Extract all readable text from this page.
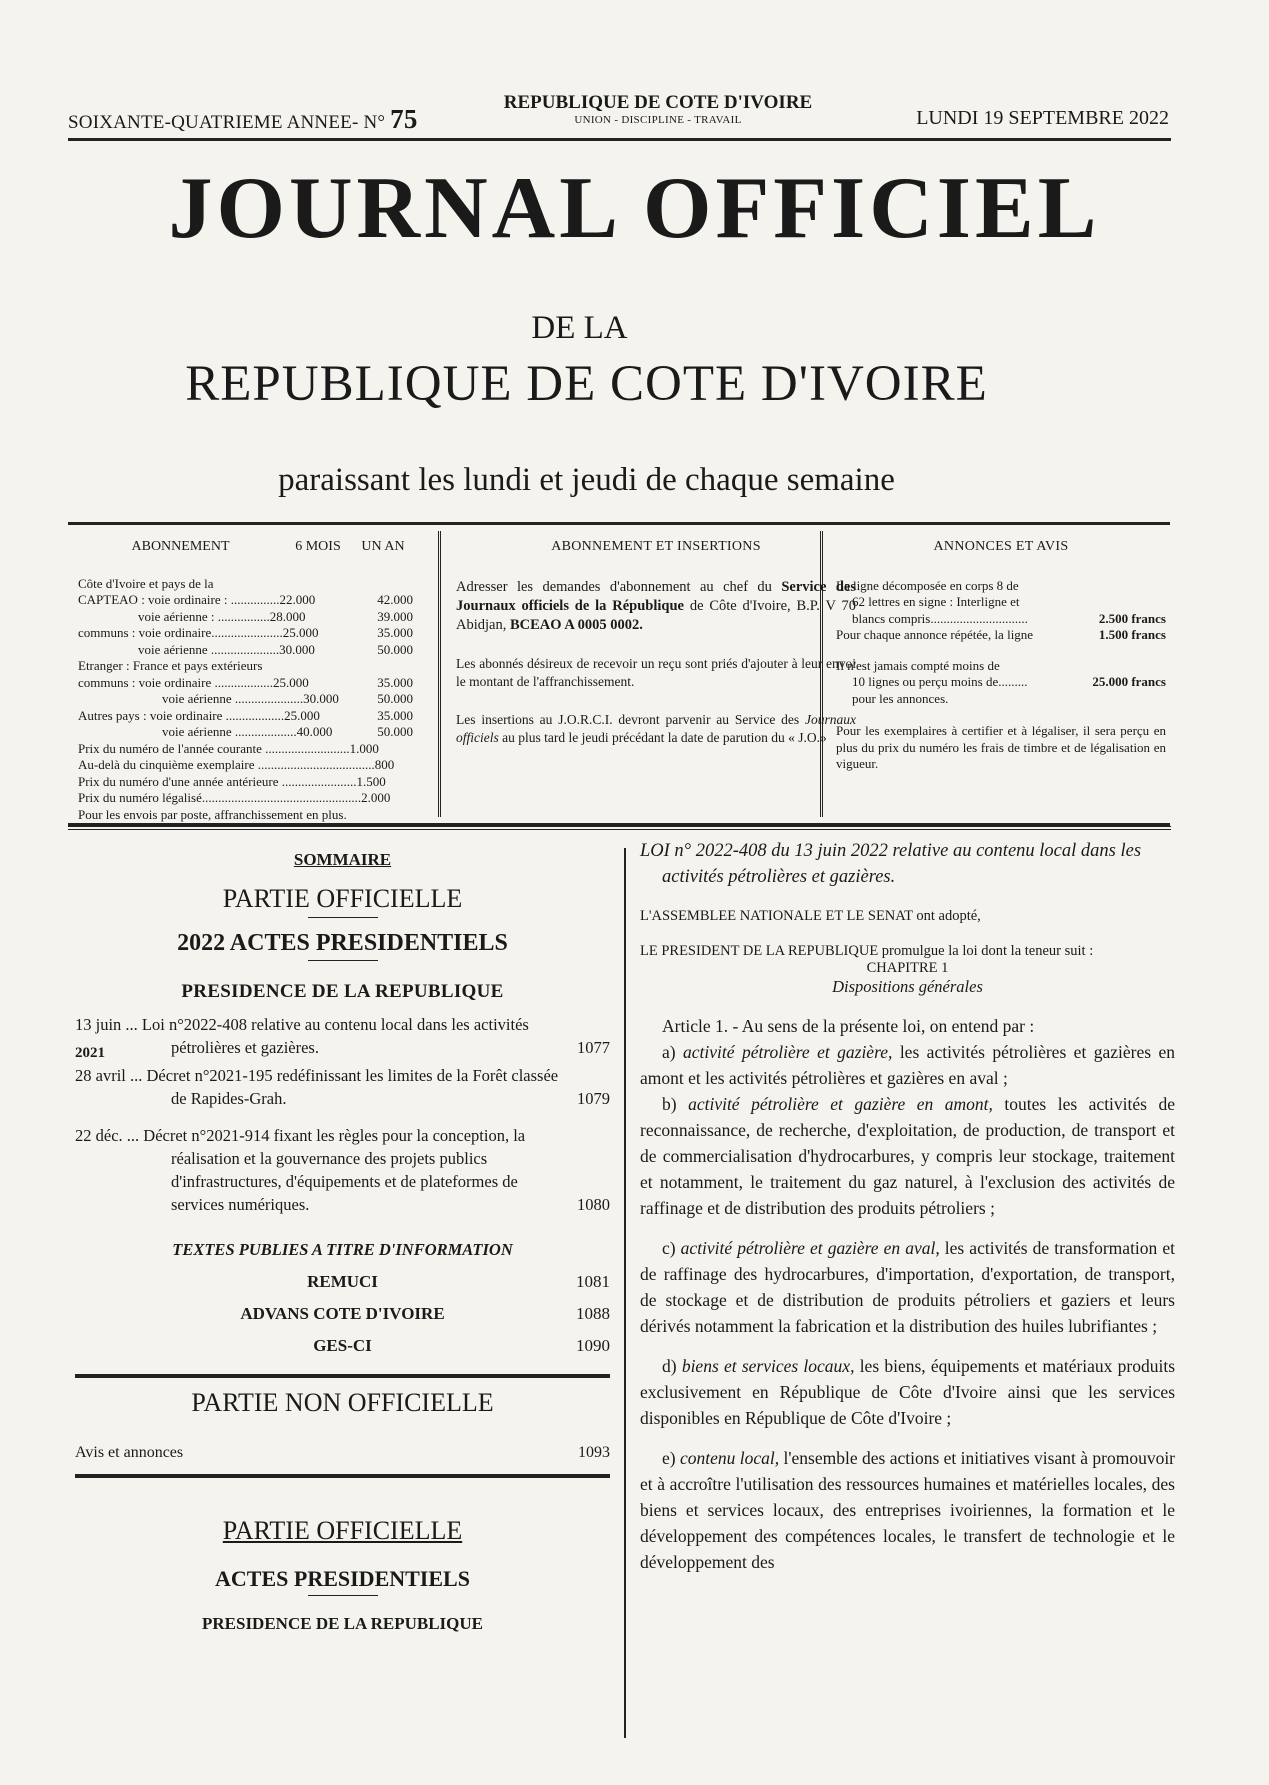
SOIXANTE-QUATRIEME ANNEE- N° 75
REPUBLIQUE DE COTE D'IVOIRE
UNION - DISCIPLINE - TRAVAIL	LUNDI 19 SEPTEMBRE 2022
JOURNAL OFFICIEL
DE LA
REPUBLIQUE DE COTE D'IVOIRE
paraissant les lundi et jeudi de chaque semaine
ABONNEMENT	6 MOIS	UN AN
Côte d'Ivoire et pays de la
CAPTEAO : voie ordinaire : ...............22.000	42.000
voie aérienne : ................28.000	39.000
communs : voie ordinaire......................25.000	35.000
voie aérienne .....................30.000	50.000
Etranger : France et pays extérieurs
communs : voie ordinaire ..................25.000	35.000
voie aérienne .....................30.000	50.000
Autres pays : voie ordinaire ..................25.000	35.000
voie aérienne ...................40.000	50.000
Prix du numéro de l'année courante ..........................1.000
Au-delà du cinquième exemplaire ....................................800
Prix du numéro d'une année antérieure .......................1.500
Prix du numéro légalisé.................................................2.000
Pour les envois par poste, affranchissement en plus.
ABONNEMENT ET INSERTIONS

Adresser les demandes d'abonnement au chef du Service des Journaux officiels de la République de Côte d'Ivoire, B.P. V 70 Abidjan, BCEAO A 0005 0002.

Les abonnés désireux de recevoir un reçu sont priés d'ajouter à leur envoi le montant de l'affranchissement.

Les insertions au J.O.R.C.I. devront parvenir au Service des Journaux officiels au plus tard le jeudi précédant la date de parution du « J.O.»

ANNONCES ET AVIS
La ligne décomposée en corps 8 de
62 lettres en signe : Interligne et
blancs compris..............................	2.500 francs
Pour chaque annonce répétée, la ligne	1.500 francs
Il n'est jamais compté moins de
10 lignes ou perçu moins de.........	25.000 francs
pour les annonces.

Pour les exemplaires à certifier et à légaliser, il sera perçu en plus du prix du numéro les frais de timbre et de légalisation en vigueur.

SOMMAIRE
PARTIE OFFICIELLE
2022 ACTES PRESIDENTIELS
PRESIDENCE DE LA REPUBLIQUE
13 juin ... Loi n°2022-408 relative au contenu local dans les activités pétrolières et gazières.	1077
2021
28 avril ... Décret n°2021-195 redéfinissant les limites de la Forêt classée de Rapides-Grah.	1079
22 déc. ... Décret n°2021-914 fixant les règles pour la conception, la réalisation et la gouvernance des projets publics d'infrastructures, d'équipements et de plateformes de services numériques.	1080
TEXTES PUBLIES A TITRE D'INFORMATION
REMUCI	1081
ADVANS COTE D'IVOIRE	1088
GES-CI	1090
PARTIE NON OFFICIELLE
Avis et annonces	1093
PARTIE OFFICIELLE
ACTES PRESIDENTIELS
PRESIDENCE DE LA REPUBLIQUE

LOI n° 2022-408 du 13 juin 2022 relative au contenu local dans les activités pétrolières et gazières.

L'ASSEMBLEE NATIONALE ET LE SENAT ont adopté,

LE PRESIDENT DE LA REPUBLIQUE promulgue la loi dont la teneur suit :

CHAPITRE 1

Dispositions générales

Article 1. - Au sens de la présente loi, on entend par :

a) activité pétrolière et gazière, les activités pétrolières et gazières en amont et les activités pétrolières et gazières en aval ;

b) activité pétrolière et gazière en amont, toutes les activités de reconnaissance, de recherche, d'exploitation, de production, de transport et de commercialisation d'hydrocarbures, y compris leur stockage, traitement et notamment, le traitement du gaz naturel, à l'exclusion des activités de raffinage et de distribution des produits pétroliers ;

c) activité pétrolière et gazière en aval, les activités de transformation et de raffinage des hydrocarbures, d'importation, d'exportation, de transport, de stockage et de distribution de produits pétroliers et gaziers et leurs dérivés notamment la fabrication et la distribution des huiles lubrifiantes ;

d) biens et services locaux, les biens, équipements et matériaux produits exclusivement en République de Côte d'Ivoire ainsi que les services disponibles en République de Côte d'Ivoire ;

e) contenu local, l'ensemble des actions et initiatives visant à promouvoir et à accroître l'utilisation des ressources humaines et matérielles locales, des biens et services locaux, des entreprises ivoiriennes, la formation et le développement des compétences locales, le transfert de technologie et le développement des
